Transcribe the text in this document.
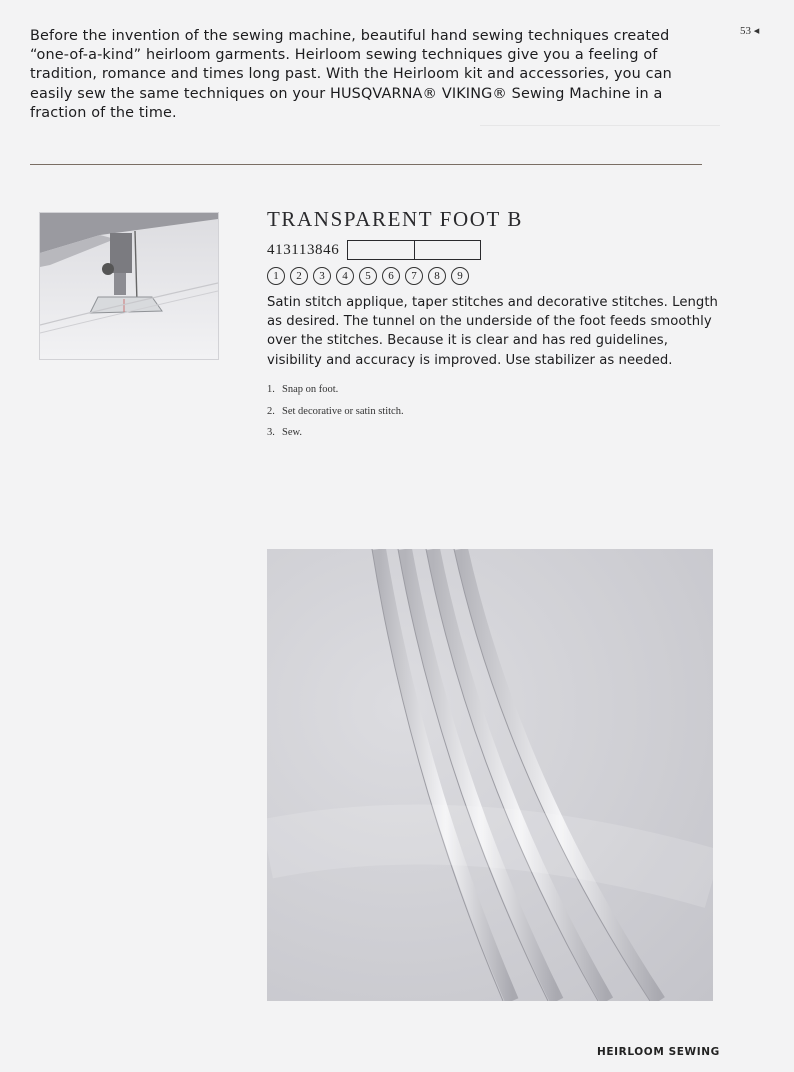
53 ◂

Before the invention of the sewing machine, beautiful hand sewing techniques created “one-of-a-kind” heirloom garments. Heirloom sewing techniques give you a feeling of tradition, romance and times long past. With the Heirloom kit and accessories, you can easily sew the same techniques on your HUSQVARNA® VIKING® Sewing Machine in a fraction of the time.

TRANSPARENT FOOT B
413113846
1	2	3	4	5	6	7	8	9

Satin stitch applique, taper stitches and decorative stitches. Length as desired. The tunnel on the underside of the foot feeds smoothly over the stitches. Because it is clear and has red guidelines, visibility and accuracy is improved. Use stabilizer as needed.

1. Snap on foot.
2. Set decorative or satin stitch.
3. Sew.
HEIRLOOM SEWING
